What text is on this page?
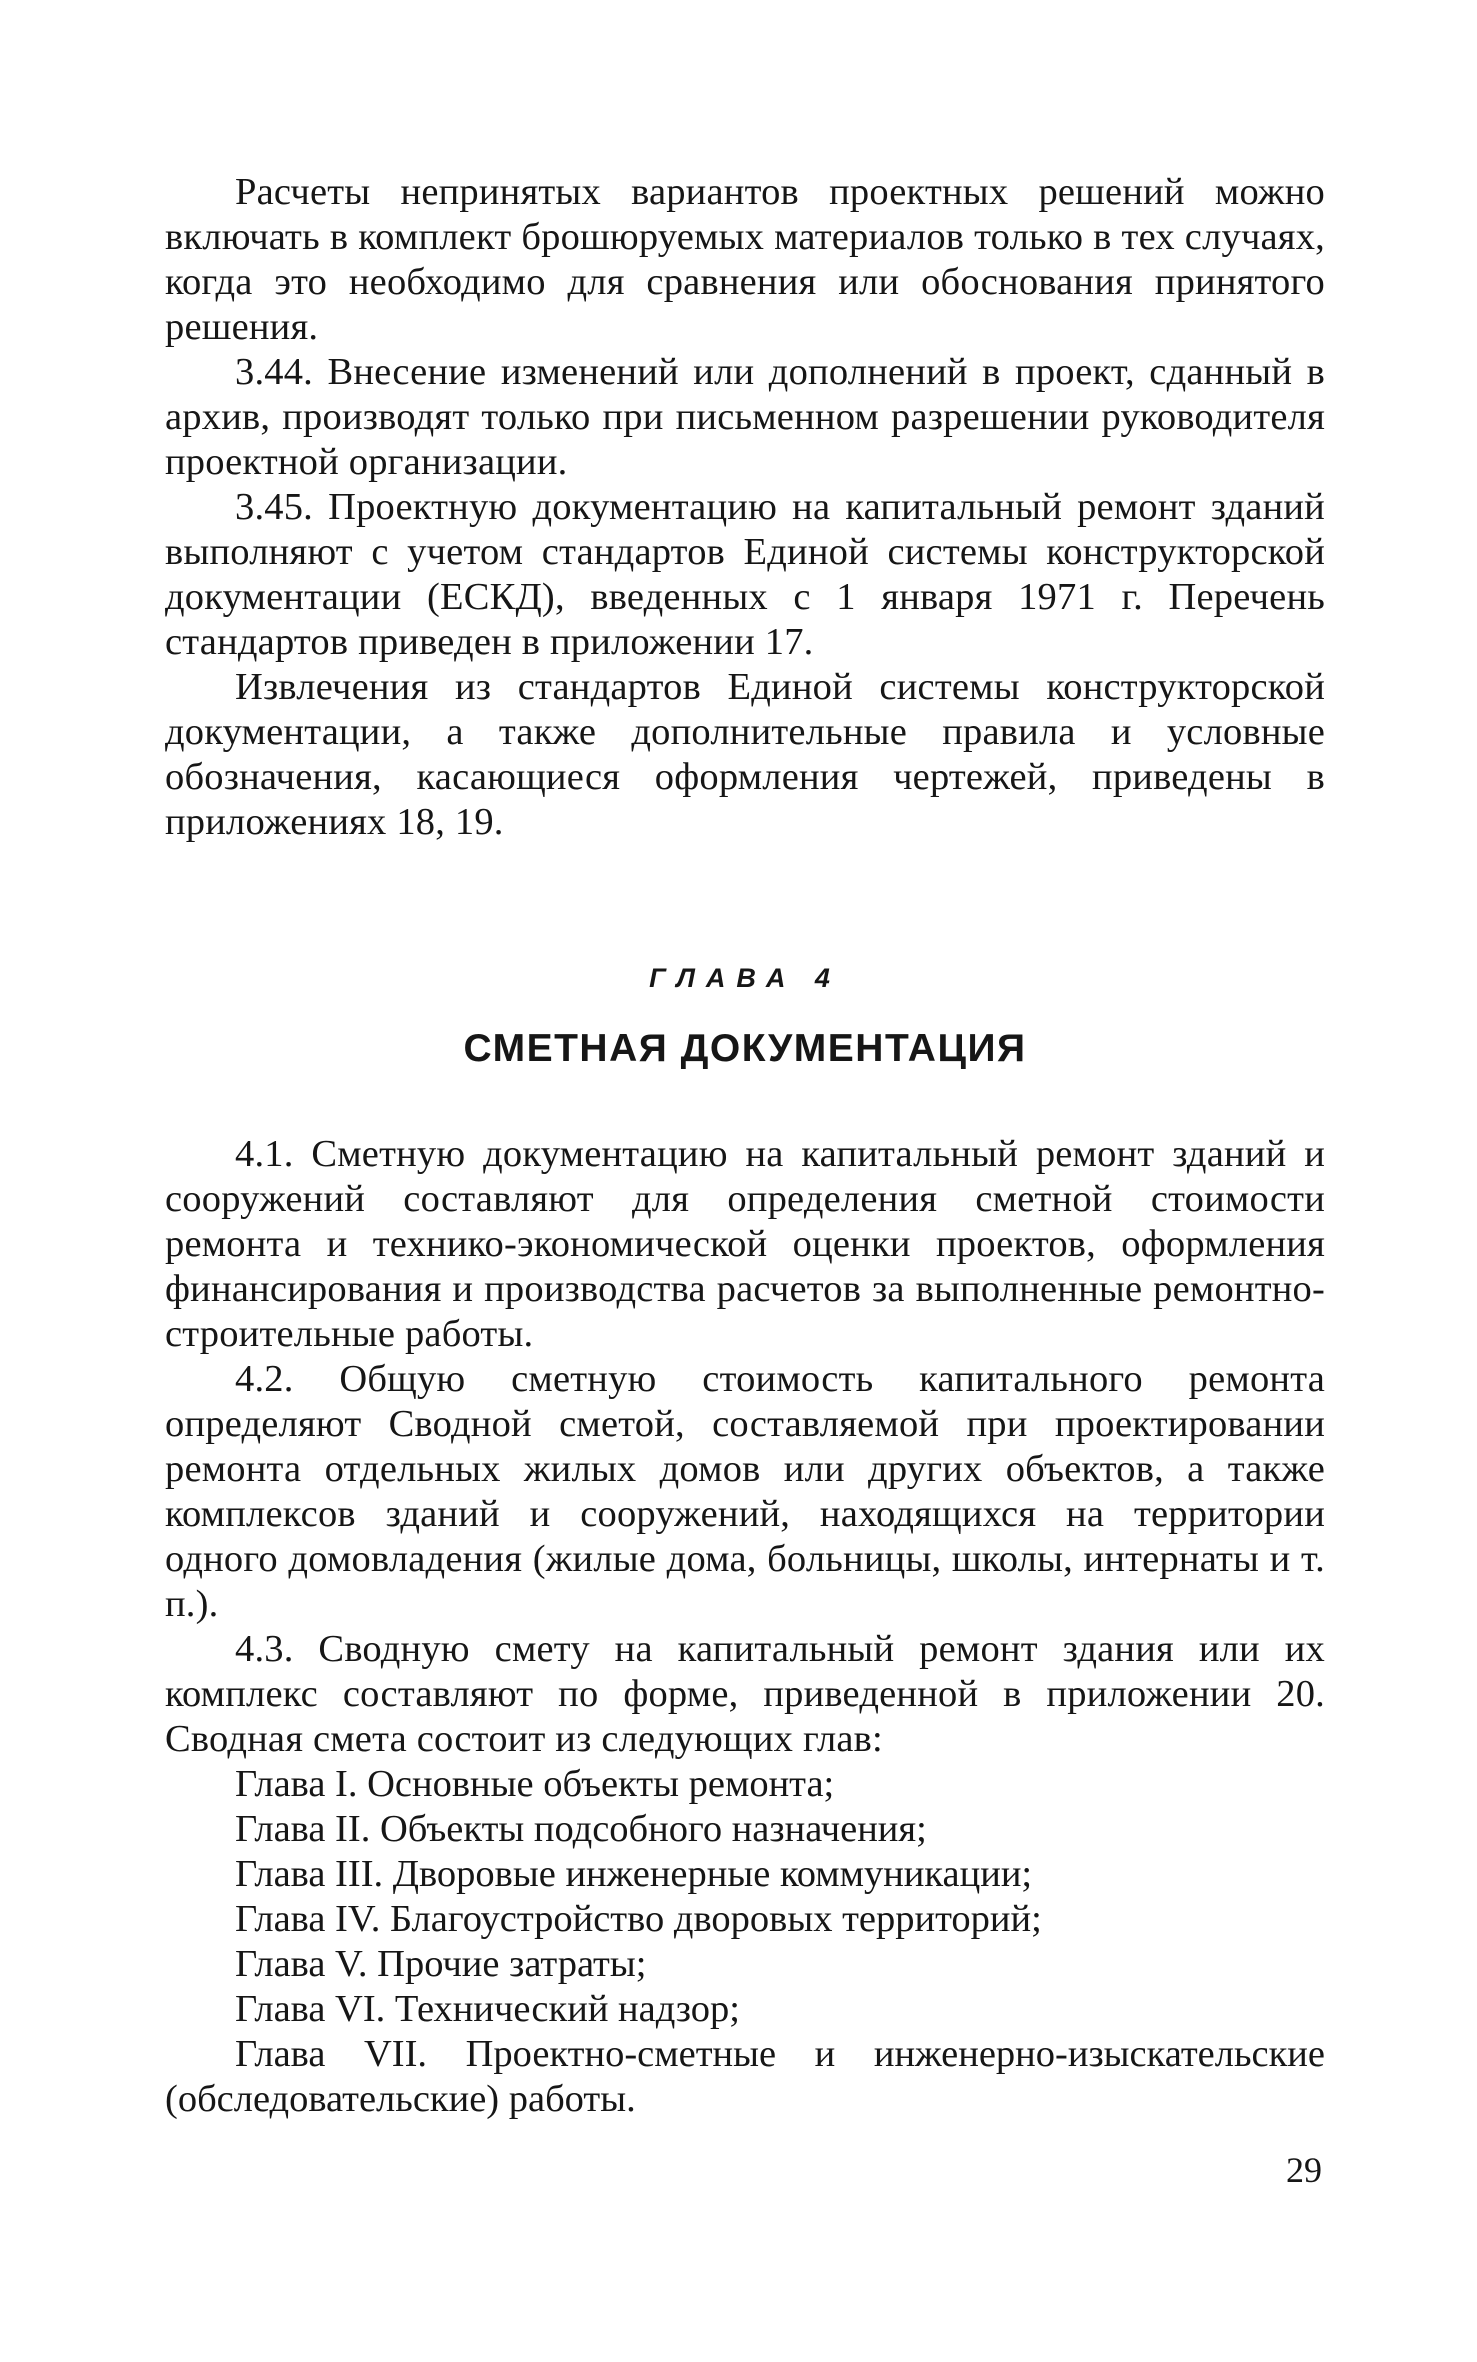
Расчеты непринятых вариантов проектных решений можно включать в комплект брошюруемых материалов только в тех случаях, когда это необходимо для сравнения или обоснования принятого решения.

3.44. Внесение изменений или дополнений в проект, сданный в архив, производят только при письменном разрешении руководителя проектной организации.

3.45. Проектную документацию на капитальный ремонт зданий выполняют с учетом стандартов Единой системы конструкторской документации (ЕСКД), введенных с 1 января 1971 г. Перечень стандартов приведен в приложении 17.

Извлечения из стандартов Единой системы конструкторской документации, а также дополнительные правила и условные обозначения, касающиеся оформления чертежей, приведены в приложениях 18, 19.

ГЛАВА 4
СМЕТНАЯ ДОКУМЕНТАЦИЯ

4.1. Сметную документацию на капитальный ремонт зданий и сооружений составляют для определения сметной стоимости ремонта и технико-экономической оценки проектов, оформления финансирования и производства расчетов за выполненные ремонтно-строительные работы.

4.2. Общую сметную стоимость капитального ремонта определяют Сводной сметой, составляемой при проектировании ремонта отдельных жилых домов или других объектов, а также комплексов зданий и сооружений, находящихся на территории одного домовладения (жилые дома, больницы, школы, интернаты и т. п.).

4.3. Сводную смету на капитальный ремонт здания или их комплекс составляют по форме, приведенной в приложении 20. Сводная смета состоит из следующих глав:

Глава I. Основные объекты ремонта;
Глава II. Объекты подсобного назначения;
Глава III. Дворовые инженерные коммуникации;
Глава IV. Благоустройство дворовых территорий;
Глава V. Прочие затраты;
Глава VI. Технический надзор;
Глава VII. Проектно-сметные и инженерно-изыскательские (обследовательские) работы.
29
